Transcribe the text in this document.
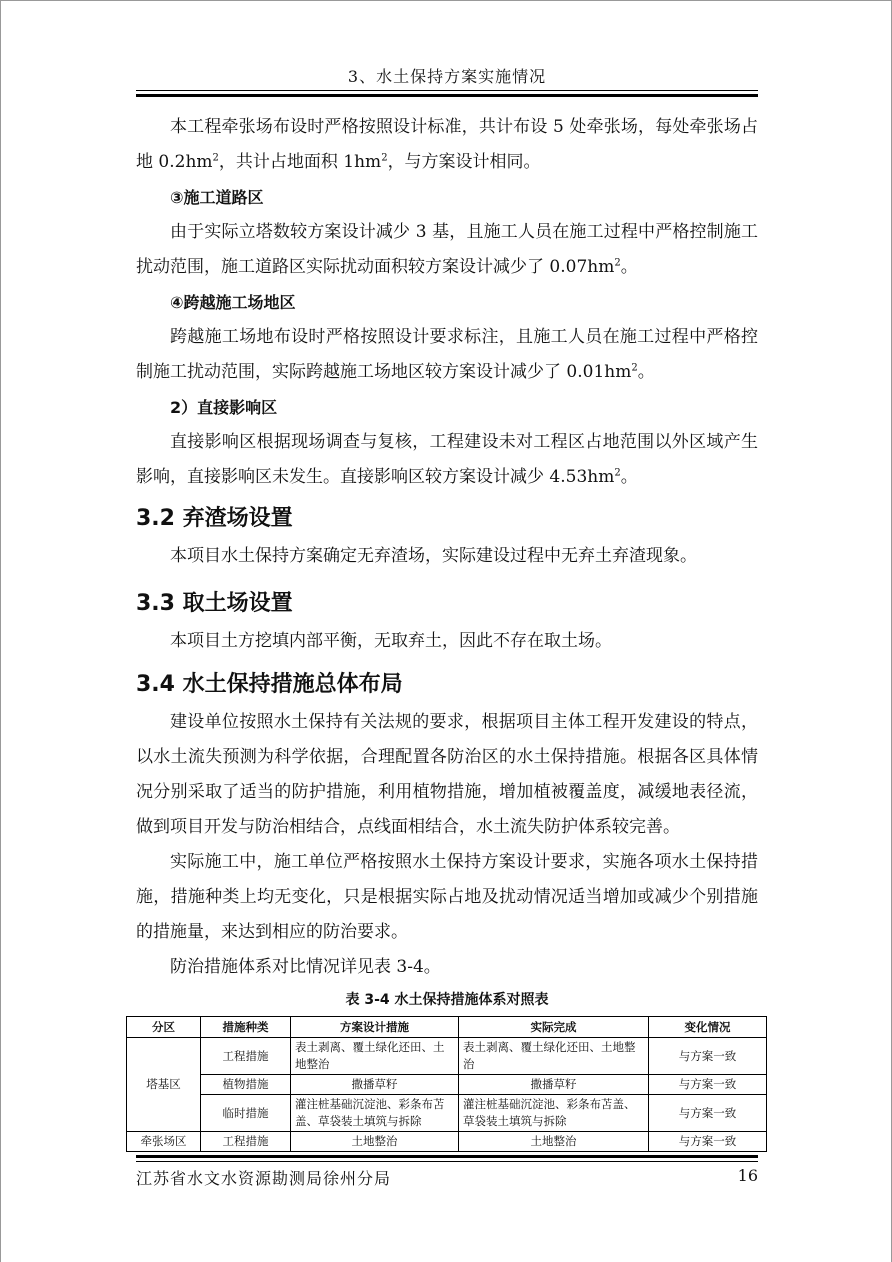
3、水土保持方案实施情况

本工程牵张场布设时严格按照设计标准，共计布设 5 处牵张场，每处牵张场占地 $0.2hm^2$，共计占地面积 $1hm^2$，与方案设计相同。

③施工道路区

由于实际立塔数较方案设计减少 3 基，且施工人员在施工过程中严格控制施工扰动范围，施工道路区实际扰动面积较方案设计减少了 $0.07hm^2$。

④跨越施工场地区

跨越施工场地布设时严格按照设计要求标注，且施工人员在施工过程中严格控制施工扰动范围，实际跨越施工场地区较方案设计减少了 $0.01hm^2$。

2）直接影响区

直接影响区根据现场调查与复核，工程建设未对工程区占地范围以外区域产生影响，直接影响区未发生。直接影响区较方案设计减少 $4.53hm^2$。

3.2 弃渣场设置

本项目水土保持方案确定无弃渣场，实际建设过程中无弃土弃渣现象。

3.3 取土场设置

本项目土方挖填内部平衡，无取弃土，因此不存在取土场。

3.4 水土保持措施总体布局

建设单位按照水土保持有关法规的要求，根据项目主体工程开发建设的特点，以水土流失预测为科学依据，合理配置各防治区的水土保持措施。根据各区具体情况分别采取了适当的防护措施，利用植物措施，增加植被覆盖度，减缓地表径流，做到项目开发与防治相结合，点线面相结合，水土流失防护体系较完善。

实际施工中，施工单位严格按照水土保持方案设计要求，实施各项水土保持措施，措施种类上均无变化，只是根据实际占地及扰动情况适当增加或减少个别措施的措施量，来达到相应的防治要求。

防治措施体系对比情况详见表 3-4。

表 3-4 水土保持措施体系对照表
分区	措施种类	方案设计措施	实际完成	变化情况
塔基区	工程措施	表土剥离、覆土绿化还田、土地整治	表土剥离、覆土绿化还田、土地整治	与方案一致
	植物措施	撒播草籽	撒播草籽	与方案一致
	临时措施	灌注桩基础沉淀池、彩条布苫盖、草袋装土填筑与拆除	灌注桩基础沉淀池、彩条布苫盖、草袋装土填筑与拆除	与方案一致
牵张场区	工程措施	土地整治	土地整治	与方案一致
江苏省水文水资源勘测局徐州分局	16
